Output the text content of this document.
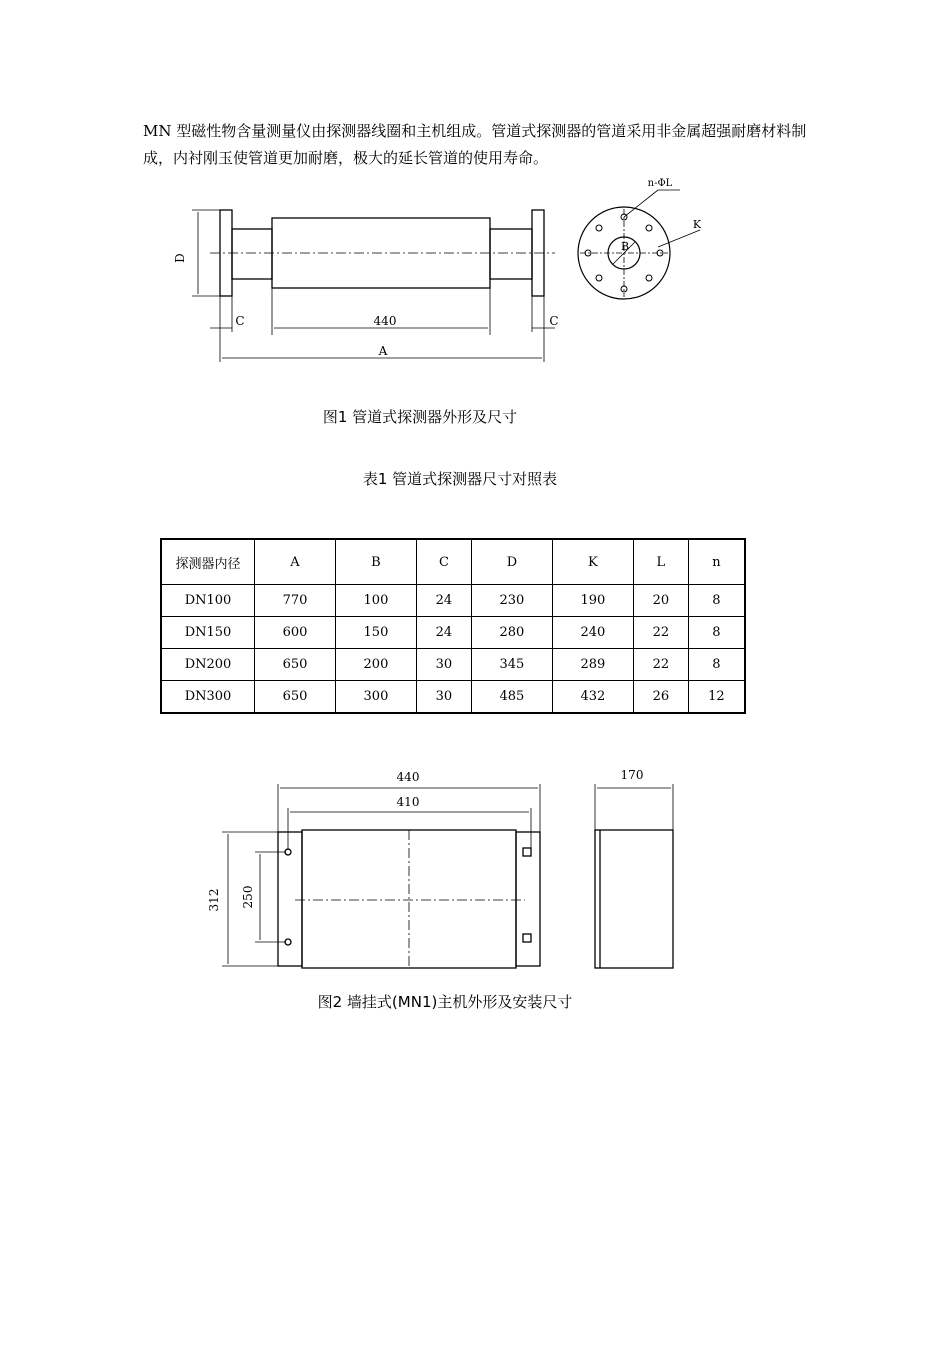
MN 型磁性物含量测量仪由探测器线圈和主机组成。管道式探测器的管道采用非金属超强耐磨材料制成，内衬刚玉使管道更加耐磨，极大的延长管道的使用寿命。

D
C	440	C
A
n-ΦL
K
B
图1 管道式探测器外形及尺寸
表1 管道式探测器尺寸对照表
探测器内径	A	B	C	D	K	L	n
DN100	770	100	24	230	190	20	8
DN150	600	150	24	280	240	22	8
DN200	650	200	30	345	289	22	8
DN300	650	300	30	485	432	26	12
440
410
170
312 250
图2 墙挂式(MN1)主机外形及安装尺寸
